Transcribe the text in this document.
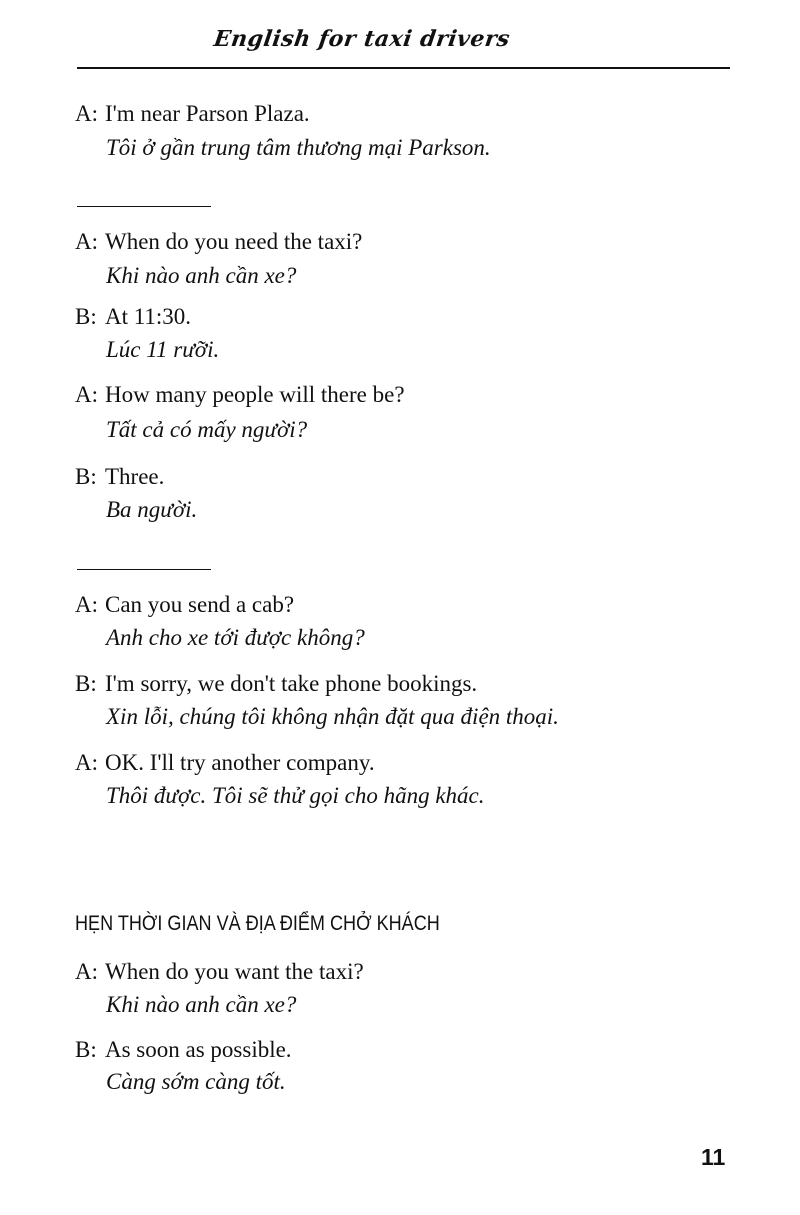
English for taxi drivers
A: I'm near Parson Plaza.
Tôi ở gần trung tâm thương mại Parkson.
A: When do you need the taxi?
Khi nào anh cần xe?
B: At 11:30.
Lúc 11 rưỡi.
A: How many people will there be?
Tất cả có mấy người?
B: Three.
Ba người.
A: Can you send a cab?
Anh cho xe tới được không?
B: I'm sorry, we don't take phone bookings.
Xin lỗi, chúng tôi không nhận đặt qua điện thoại.
A: OK. I'll try another company.
Thôi được. Tôi sẽ thử gọi cho hãng khác.
HẸN THỜI GIAN VÀ ĐỊA ĐIỂM CHỞ KHÁCH
A: When do you want the taxi?
Khi nào anh cần xe?
B: As soon as possible.
Càng sớm càng tốt.
11
